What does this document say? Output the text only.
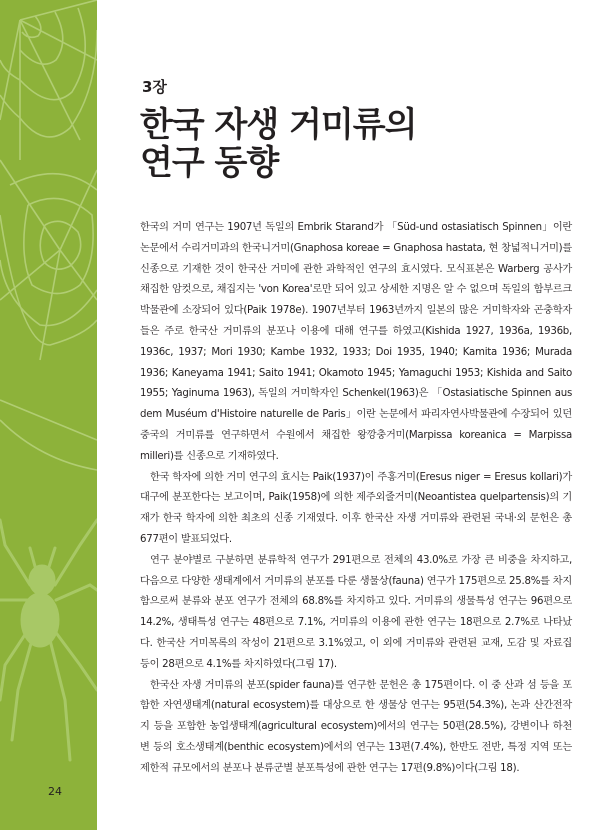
24
3장
한국 자생 거미류의
연구 동향

한국의 거미 연구는 1907년 독일의 Embrik Starand가 「Süd-und ostasiatisch Spinnen」이란 논문에서 수리거미과의 한국니거미(Gnaphosa koreae = Gnaphosa hastata, 현 창넓적니거미)를 신종으로 기재한 것이 한국산 거미에 관한 과학적인 연구의 효시였다. 모식표본은 Warberg 공사가 채집한 암컷으로, 채집지는 'von Korea'로만 되어 있고 상세한 지명은 알 수 없으며 독일의 함부르크박물관에 소장되어 있다(Paik 1978e). 1907년부터 1963년까지 일본의 많은 거미학자와 곤충학자들은 주로 한국산 거미류의 분포나 이용에 대해 연구를 하였고(Kishida 1927, 1936a, 1936b, 1936c, 1937; Mori 1930; Kambe 1932, 1933; Doi 1935, 1940; Kamita 1936; Murada 1936; Kaneyama 1941; Saito 1941; Okamoto 1945; Yamaguchi 1953; Kishida and Saito 1955; Yaginuma 1963), 독일의 거미학자인 Schenkel(1963)은 「Ostasiatische Spinnen aus dem Muséum d'Histoire naturelle de Paris」이란 논문에서 파리자연사박물관에 수장되어 있던 중국의 거미류를 연구하면서 수원에서 채집한 왕깡충거미(Marpissa koreanica = Marpissa milleri)를 신종으로 기재하였다.

한국 학자에 의한 거미 연구의 효시는 Paik(1937)이 주홍거미(Eresus niger = Eresus kollari)가 대구에 분포한다는 보고이며, Paik(1958)에 의한 제주외줄거미(Neoantistea quelpartensis)의 기재가 한국 학자에 의한 최초의 신종 기재였다. 이후 한국산 자생 거미류와 관련된 국내·외 문헌은 총 677편이 발표되었다.

연구 분야별로 구분하면 분류학적 연구가 291편으로 전체의 43.0%로 가장 큰 비중을 차지하고, 다음으로 다양한 생태계에서 거미류의 분포를 다룬 생물상(fauna) 연구가 175편으로 25.8%를 차지함으로써 분류와 분포 연구가 전체의 68.8%를 차지하고 있다. 거미류의 생물특성 연구는 96편으로 14.2%, 생태특성 연구는 48편으로 7.1%, 거미류의 이용에 관한 연구는 18편으로 2.7%로 나타났다. 한국산 거미목록의 작성이 21편으로 3.1%였고, 이 외에 거미류와 관련된 교재, 도감 및 자료집 등이 28편으로 4.1%를 차지하였다(그림 17).

한국산 자생 거미류의 분포(spider fauna)를 연구한 문헌은 총 175편이다. 이 중 산과 섬 등을 포함한 자연생태계(natural ecosystem)를 대상으로 한 생물상 연구는 95편(54.3%), 논과 산간전작지 등을 포함한 농업생태계(agricultural ecosystem)에서의 연구는 50편(28.5%), 강변이나 하천변 등의 호소생태계(benthic ecosystem)에서의 연구는 13편(7.4%), 한반도 전반, 특정 지역 또는 제한적 규모에서의 분포나 분류군별 분포특성에 관한 연구는 17편(9.8%)이다(그림 18).
